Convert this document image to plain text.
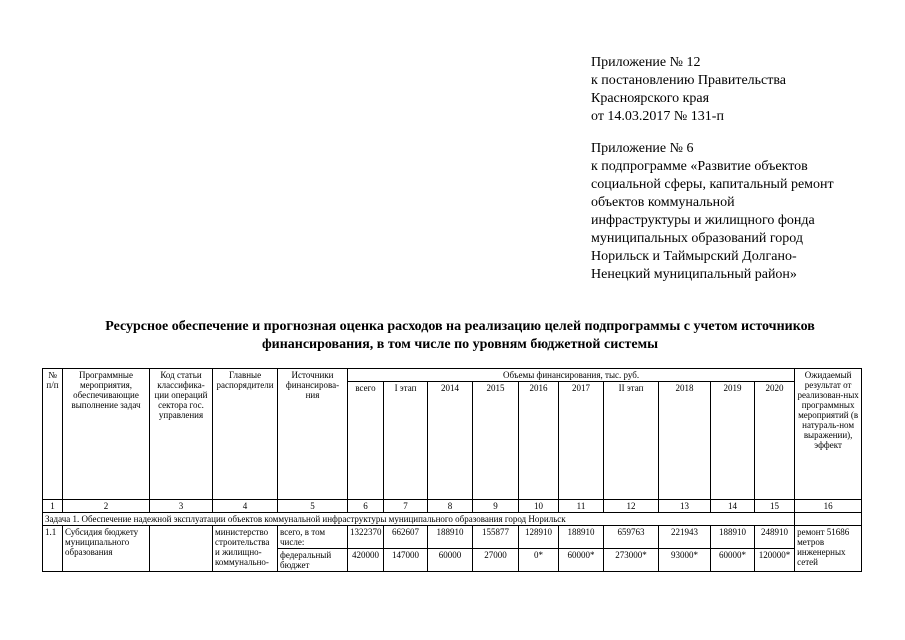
Приложение № 12
к постановлению Правительства
Красноярского края
от 14.03.2017 № 131-п
Приложение № 6
к подпрограмме «Развитие объектов
социальной сферы, капитальный ремонт
объектов коммунальной
инфраструктуры и жилищного фонда
муниципальных образований город
Норильск и Таймырский Долгано-
Ненецкий муниципальный район»
Ресурсное обеспечение и прогнозная оценка расходов на реализацию целей подпрограммы с учетом источников финансирования, в том числе по уровням бюджетной системы
№ п/п	Программные мероприятия, обеспечивающие выполнение задач	Код статьи классифика-ции операций сектора гос. управления	Главные распорядители	Источники финансирова-ния	Объемы финансирования, тыс. руб.										Ожидаемый результат от реализован-ных программных мероприятий (в натураль-ном выражении), эффект
					всего	I этап	2014	2015	2016	2017	II этап	2018	2019	2020	
1	2	3	4	5	6	7	8	9	10	11	12	13	14	15	16
Задача 1. Обеспечение надежной эксплуатации объектов коммунальной инфраструктуры муниципального образования город Норильск															
1.1	Субсидия бюджету муниципального образования		министерство строительства и жилищно-коммунально-	всего, в том числе:	1322370	662607	188910	155877	128910	188910	659763	221943	188910	248910	ремонт 51686 метров инженерных сетей
				федеральный бюджет	420000	147000	60000	27000	0*	60000*	273000*	93000*	60000*	120000*	
